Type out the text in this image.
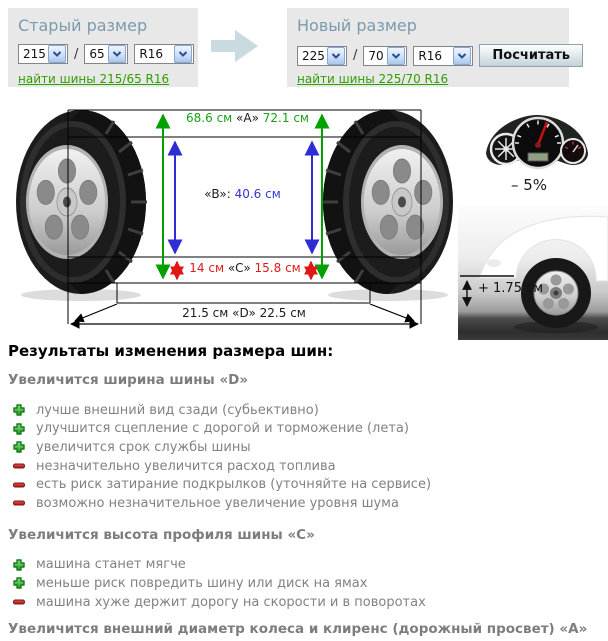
Старый размер
215 / 65	R16
найти шины 215/65 R16
Новый размер
225 / 70	R16	Посчитать
найти шины 225/70 R16
68.6 см «A» 72.1 см
«B»: 40.6 см
14 см «C» 15.8 см
21.5 см «D» 22.5 см
– 5%
+ 1.75 см
Результаты изменения размера шин:
Увеличится ширина шины «D»
лучше внешний вид сзади (субьективно)
улучшится сцепление с дорогой и торможение (лета)
увеличится срок службы шины
незначительно увеличится расход топлива
есть риск затирание подкрылков (уточняйте на сервисе)
возможно незначительное увеличение уровня шума
Увеличится высота профиля шины «C»
машина станет мягче
меньше риск повредить шину или диск на ямах
машина хуже держит дорогу на скорости и в поворотах
Увеличится внешний диаметр колеса и клиренс (дорожный просвет) «А»
